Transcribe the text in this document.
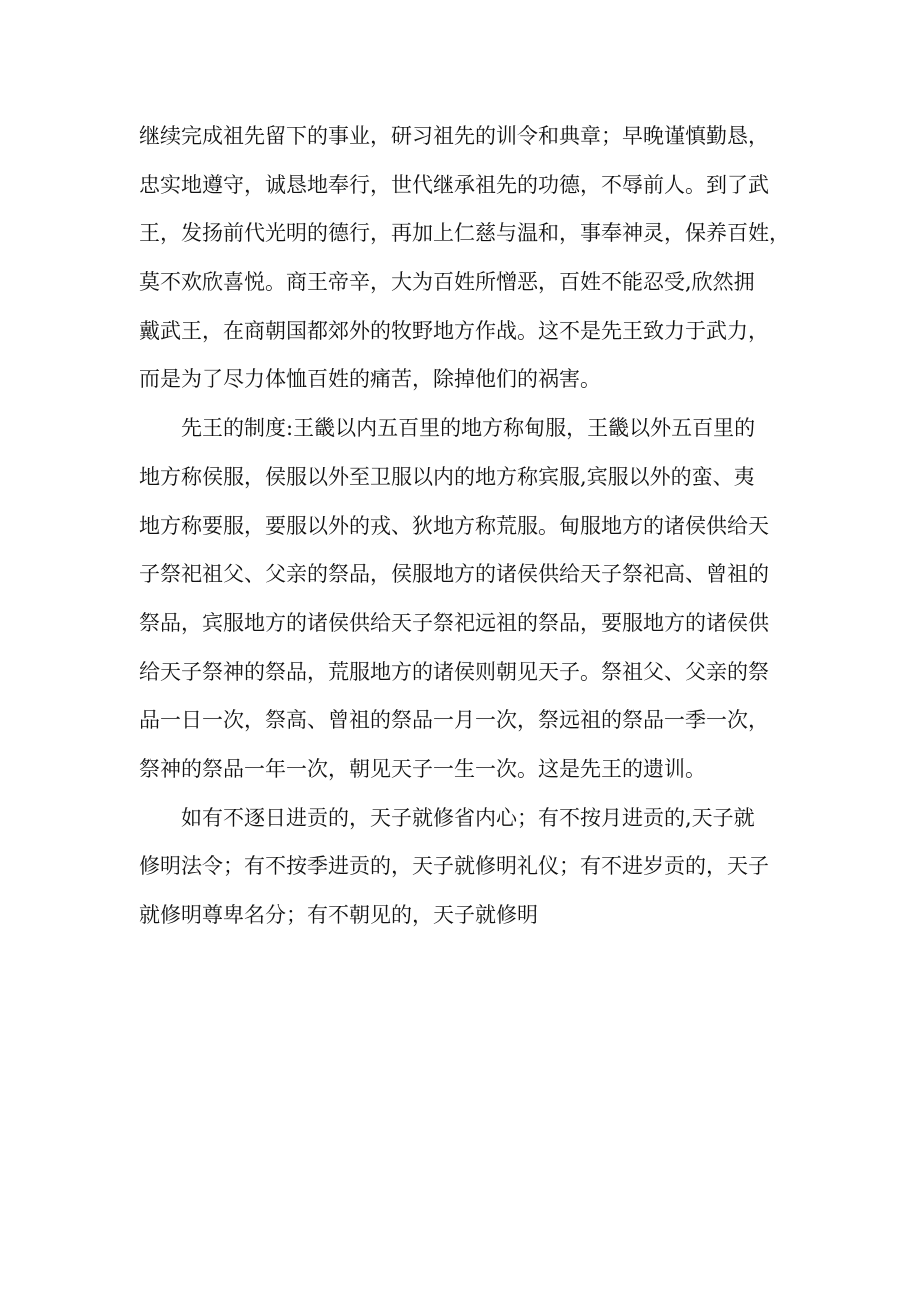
继续完成祖先留下的事业，研习祖先的训令和典章；早晚谨慎勤恳，
忠实地遵守，诚恳地奉行，世代继承祖先的功德，不辱前人。到了武
王，发扬前代光明的德行，再加上仁慈与温和，事奉神灵，保养百姓，
莫不欢欣喜悦。商王帝辛，大为百姓所憎恶，百姓不能忍受,欣然拥
戴武王，在商朝国都郊外的牧野地方作战。这不是先王致力于武力，
而是为了尽力体恤百姓的痛苦，除掉他们的祸害。
　　先王的制度:王畿以内五百里的地方称甸服，王畿以外五百里的
地方称侯服，侯服以外至卫服以内的地方称宾服,宾服以外的蛮、夷
地方称要服，要服以外的戎、狄地方称荒服。甸服地方的诸侯供给天
子祭祀祖父、父亲的祭品，侯服地方的诸侯供给天子祭祀高、曾祖的
祭品，宾服地方的诸侯供给天子祭祀远祖的祭品，要服地方的诸侯供
给天子祭神的祭品，荒服地方的诸侯则朝见天子。祭祖父、父亲的祭
品一日一次，祭高、曾祖的祭品一月一次，祭远祖的祭品一季一次，
祭神的祭品一年一次，朝见天子一生一次。这是先王的遗训。
　　如有不逐日进贡的，天子就修省内心；有不按月进贡的,天子就
修明法令；有不按季进贡的，天子就修明礼仪；有不进岁贡的，天子
就修明尊卑名分；有不朝见的，天子就修明
